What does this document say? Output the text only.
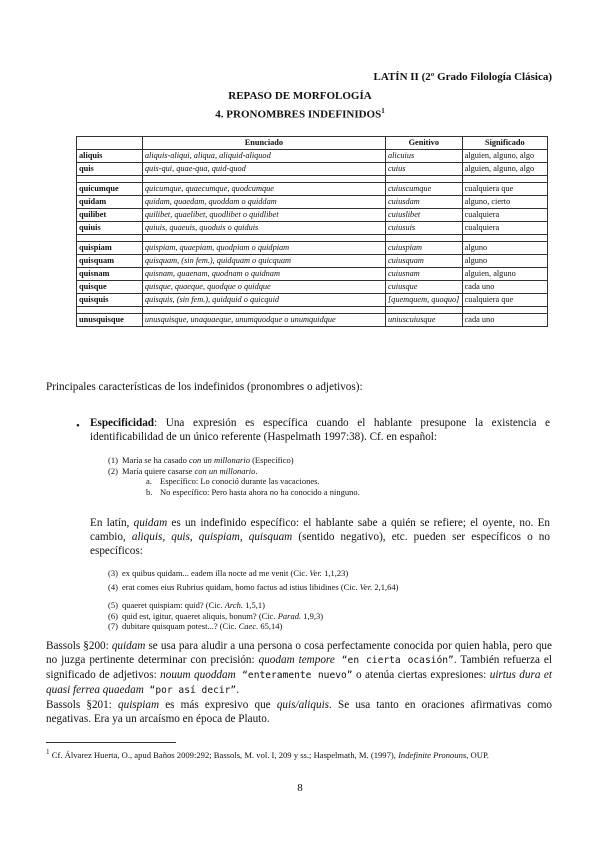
LATÍN II (2º Grado Filología Clásica)
REPASO DE MORFOLOGÍA
4. PRONOMBRES INDEFINIDOS$^1$
	Enunciado	Genitivo	Significado
aliquis	aliquis-aliqui, aliqua, aliquid-aliquod	alicuius	alguien, alguno, algo
quis	quis-qui, quae-qua, quid-quod	cuius	alguien, alguno, algo

quicumque	quicumque, quaecumque, quodcumque	cuiuscumque	cualquiera que
quidam	quidam, quaedam, quoddam o quiddam	cuiusdam	alguno, cierto
quilibet	quilibet, quaelibet, quodlibet o quidlibet	cuiuslibet	cualquiera
quiuis	quiuis, quaeuis, quoduis o quiduis	cuiusuis	cualquiera

quispiam	quispiam, quaepiam, quodpiam o quidpiam	cuiuspiam	alguno
quisquam	quisquam, (sin fem.), quidquam o quicquam	cuiusquam	alguno
quisnam	quisnam, quaenam, quodnam o quidnam	cuiusnam	alguien, alguno
quisque	quisque, quaeque, quodque o quidque	cuiusque	cada uno
quisquis	quisquis, (sin fem.), quidquid o quicquid	[quemquem, quoquo]	cualquiera que

unusquisque	unusquisque, unaquaeque, unumquodque o unumquidque	uniuscuiusque	cada uno
Principales características de los indefinidos (pronombres o adjetivos):
• Especificidad: Una expresión es específica cuando el hablante presupone la existencia e identificabilidad de un único referente (Haspelmath 1997:38). Cf. en español:
(1) María se ha casado con un millonario (Específico)
(2) María quiere casarse con un millonario.
a. Específico: Lo conoció durante las vacaciones.
b. No específico: Pero hasta ahora no ha conocido a ninguno.
En latín, quidam es un indefinido específico: el hablante sabe a quién se refiere; el oyente, no. En cambio, aliquis, quis, quispiam, quisquam (sentido negativo), etc. pueden ser específicos o no específicos:
(3) ex quibus quidam... eadem illa nocte ad me venit (Cic. Ver. 1,1,23)
(4) erat comes eius Rubrius quidam, homo factus ad istius libidines (Cic. Ver. 2,1,64)
(5) quaeret quispiam: quid? (Cic. Arch. 1,5,1)
(6) quid est, igitur, quaeret aliquis, bonum? (Cic. Parad. 1,9,3)
(7) dubitare quisquam potest...? (Cic. Caec. 65,14)
Bassols §200: quidam se usa para aludir a una persona o cosa perfectamente conocida por quien habla, pero que no juzga pertinente determinar con precisión: quodam tempore “en cierta ocasión”. También refuerza el significado de adjetivos: nouum quoddam “enteramente nuevo” o atenúa ciertas expresiones: uirtus dura et quasi ferrea quaedam “por así decir”.
Bassols §201: quispiam es más expresivo que quis/aliquis. Se usa tanto en oraciones afirmativas como negativas. Era ya un arcaísmo en época de Plauto.
$^1$ Cf. Álvarez Huerta, O., apud Baños 2009:292; Bassols, M. vol. I, 209 y ss.; Haspelmath, M. (1997), Indefinite Pronouns, OUP.
8
